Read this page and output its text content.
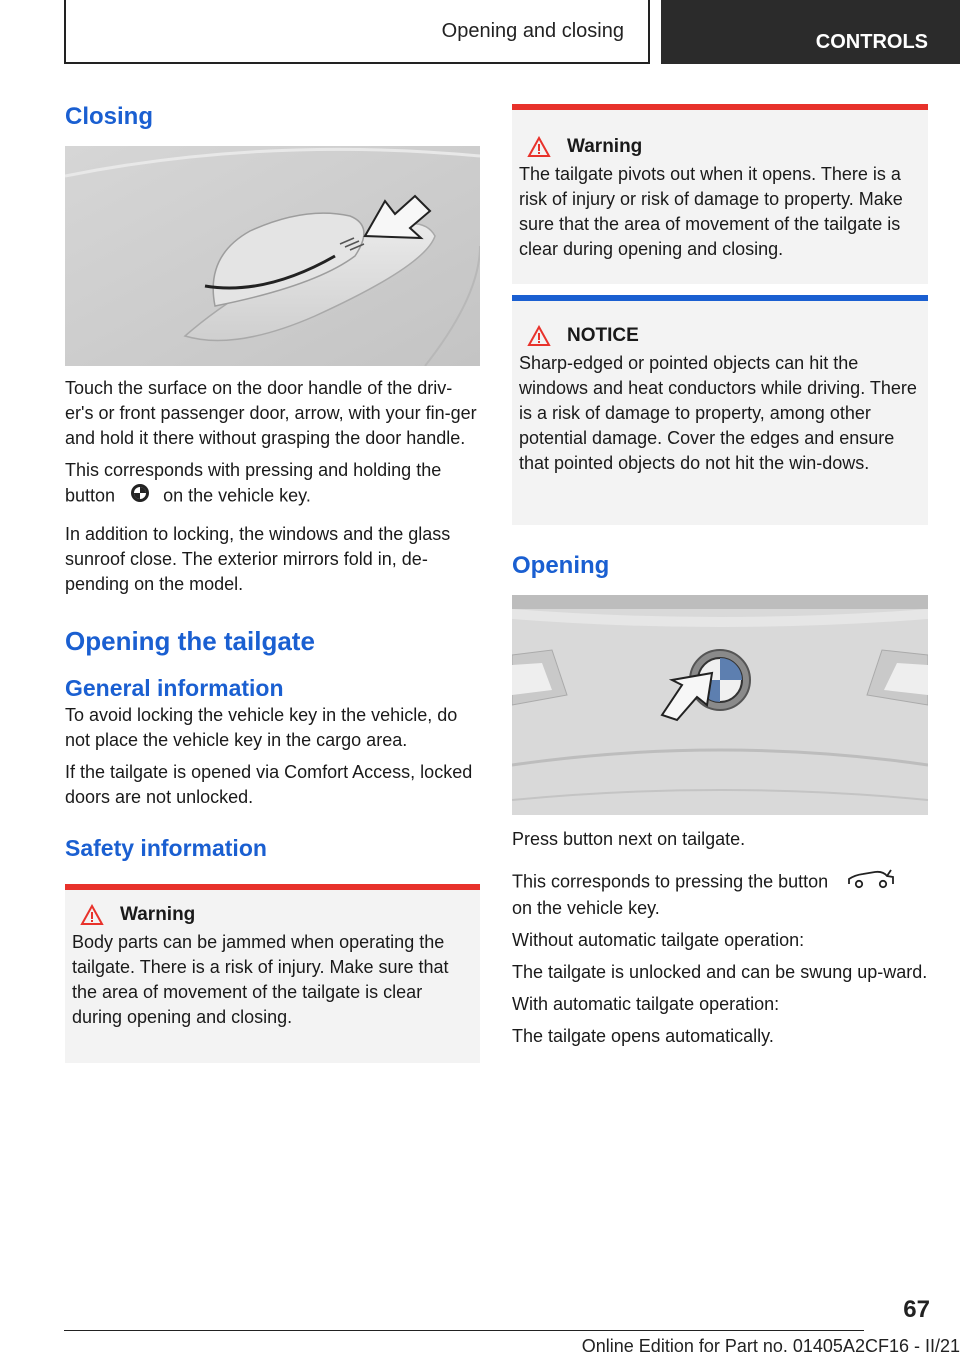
Opening and closing	CONTROLS
Closing

Touch the surface on the door handle of the driv‐er's or front passenger door, arrow, with your fin‐ger and hold it there without grasping the door handle.

This corresponds with pressing and holding the
button	on the vehicle key.

In addition to locking, the windows and the glass sunroof close. The exterior mirrors fold in, de‐pending on the model.

Opening the tailgate
General information

To avoid locking the vehicle key in the vehicle, do not place the vehicle key in the cargo area.

If the tailgate is opened via Comfort Access, locked doors are not unlocked.

Safety information
Warning
Body parts can be jammed when operating the tailgate. There is a risk of injury. Make sure that the area of movement of the tailgate is clear during opening and closing.
Warning
The tailgate pivots out when it opens. There is a risk of injury or risk of damage to property. Make sure that the area of movement of the tailgate is clear during opening and closing.
NOTICE
Sharp-edged or pointed objects can hit the windows and heat conductors while driving. There is a risk of damage to property, among other potential damage. Cover the edges and ensure that pointed objects do not hit the win‐dows.
Opening

Press button next on tailgate.

This corresponds to pressing the button
on the vehicle key.

Without automatic tailgate operation:

The tailgate is unlocked and can be swung up‐ward.

With automatic tailgate operation:

The tailgate opens automatically.

67
Online Edition for Part no. 01405A2CF16 - II/21
